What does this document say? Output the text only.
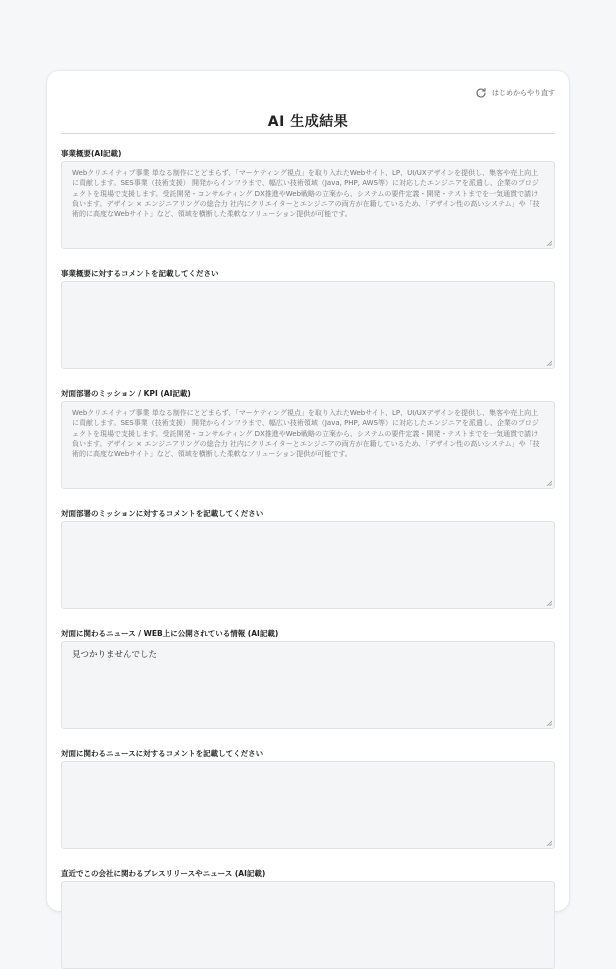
はじめからやり直す
AI 生成結果
事業概要(AI記載)
Webクリエイティブ事業 単なる制作にとどまらず、「マーケティング視点」を取り入れたWebサイト、LP、UI/UXデザインを提供し、集客や売上向上に貢献します。SES事業（技術支援） 開発からインフラまで、幅広い技術領域（Java, PHP, AWS等）に対応したエンジニアを派遣し、企業のプロジェクトを現場で支援します。受託開発・コンサルティング DX推進やWeb戦略の立案から、システムの要件定義・開発・テストまでを一気通貫で請け負います。デザイン × エンジニアリングの総合力 社内にクリエイターとエンジニアの両方が在籍しているため、「デザイン性の高いシステム」や「技術的に高度なWebサイト」など、領域を横断した柔軟なソリューション提供が可能です。
事業概要に対するコメントを記載してください
対面部署のミッション / KPI (AI記載)
Webクリエイティブ事業 単なる制作にとどまらず、「マーケティング視点」を取り入れたWebサイト、LP、UI/UXデザインを提供し、集客や売上向上に貢献します。SES事業（技術支援） 開発からインフラまで、幅広い技術領域（Java, PHP, AWS等）に対応したエンジニアを派遣し、企業のプロジェクトを現場で支援します。受託開発・コンサルティング DX推進やWeb戦略の立案から、システムの要件定義・開発・テストまでを一気通貫で請け負います。デザイン × エンジニアリングの総合力 社内にクリエイターとエンジニアの両方が在籍しているため、「デザイン性の高いシステム」や「技術的に高度なWebサイト」など、領域を横断した柔軟なソリューション提供が可能です。
対面部署のミッションに対するコメントを記載してください
対面に関わるニュース / WEB上に公開されている情報 (AI記載)
見つかりませんでした
対面に関わるニュースに対するコメントを記載してください
直近でこの会社に関わるプレスリリースやニュース (AI記載)
